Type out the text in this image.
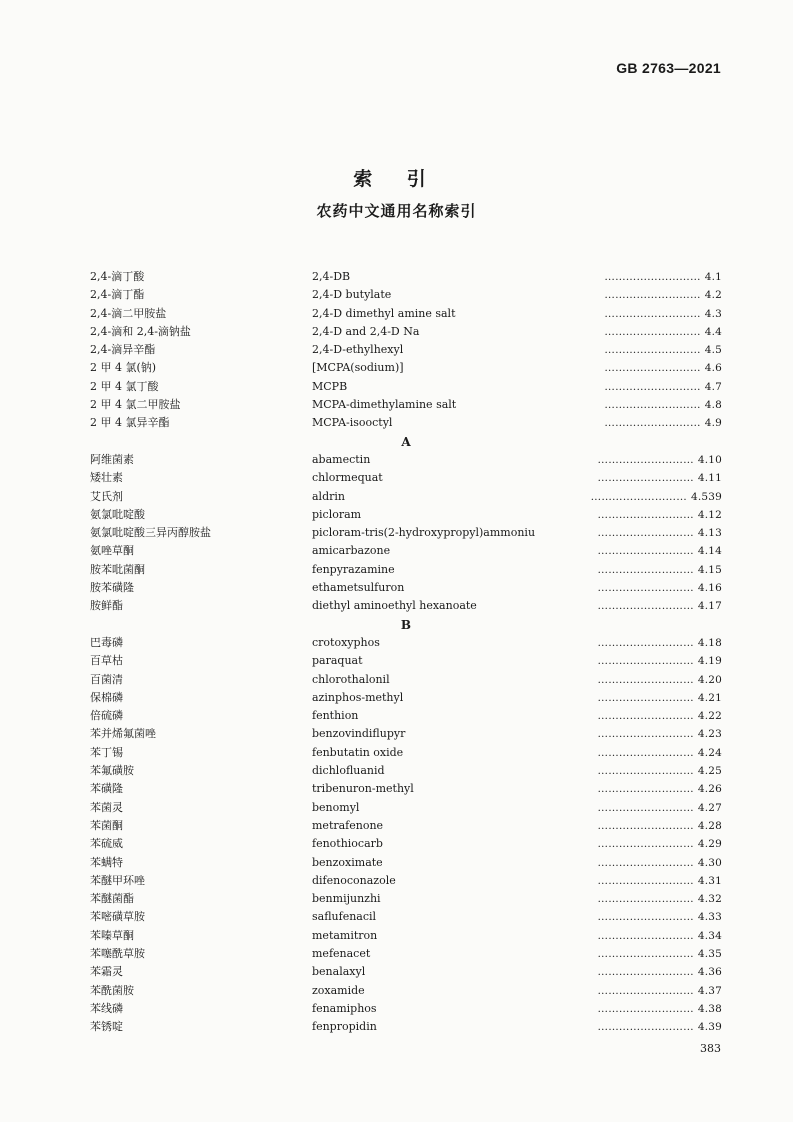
GB 2763—2021
索 引
农药中文通用名称索引
2,4-滴丁酸	2,4-DB	……………………… 4.1
2,4-滴丁酯	2,4-D butylate	……………………… 4.2
2,4-滴二甲胺盐	2,4-D dimethyl amine salt	……………………… 4.3
2,4-滴和 2,4-滴钠盐	2,4-D and 2,4-D Na	……………………… 4.4
2,4-滴异辛酯	2,4-D-ethylhexyl	……………………… 4.5
2 甲 4 氯(钠)	[MCPA(sodium)]	……………………… 4.6
2 甲 4 氯丁酸	MCPB	……………………… 4.7
2 甲 4 氯二甲胺盐	MCPA-dimethylamine salt	……………………… 4.8
2 甲 4 氯异辛酯	MCPA-isooctyl	……………………… 4.9
A
阿维菌素	abamectin	……………………… 4.10
矮壮素	chlormequat	……………………… 4.11
艾氏剂	aldrin	……………………… 4.539
氨氯吡啶酸	picloram	……………………… 4.12
氨氯吡啶酸三异丙醇胺盐	picloram-tris(2-hydroxypropyl)ammoniu	……………………… 4.13
氨唑草酮	amicarbazone	……………………… 4.14
胺苯吡菌酮	fenpyrazamine	……………………… 4.15
胺苯磺隆	ethametsulfuron	……………………… 4.16
胺鲜酯	diethyl aminoethyl hexanoate	……………………… 4.17
B
巴毒磷	crotoxyphos	……………………… 4.18
百草枯	paraquat	……………………… 4.19
百菌清	chlorothalonil	……………………… 4.20
保棉磷	azinphos-methyl	……………………… 4.21
倍硫磷	fenthion	……………………… 4.22
苯并烯氟菌唑	benzovindiflupyr	……………………… 4.23
苯丁锡	fenbutatin oxide	……………………… 4.24
苯氟磺胺	dichlofluanid	……………………… 4.25
苯磺隆	tribenuron-methyl	……………………… 4.26
苯菌灵	benomyl	……………………… 4.27
苯菌酮	metrafenone	……………………… 4.28
苯硫威	fenothiocarb	……………………… 4.29
苯螨特	benzoximate	……………………… 4.30
苯醚甲环唑	difenoconazole	……………………… 4.31
苯醚菌酯	benmijunzhi	……………………… 4.32
苯嘧磺草胺	saflufenacil	……………………… 4.33
苯嗪草酮	metamitron	……………………… 4.34
苯噻酰草胺	mefenacet	……………………… 4.35
苯霜灵	benalaxyl	……………………… 4.36
苯酰菌胺	zoxamide	……………………… 4.37
苯线磷	fenamiphos	……………………… 4.38
苯锈啶	fenpropidin	……………………… 4.39
383
